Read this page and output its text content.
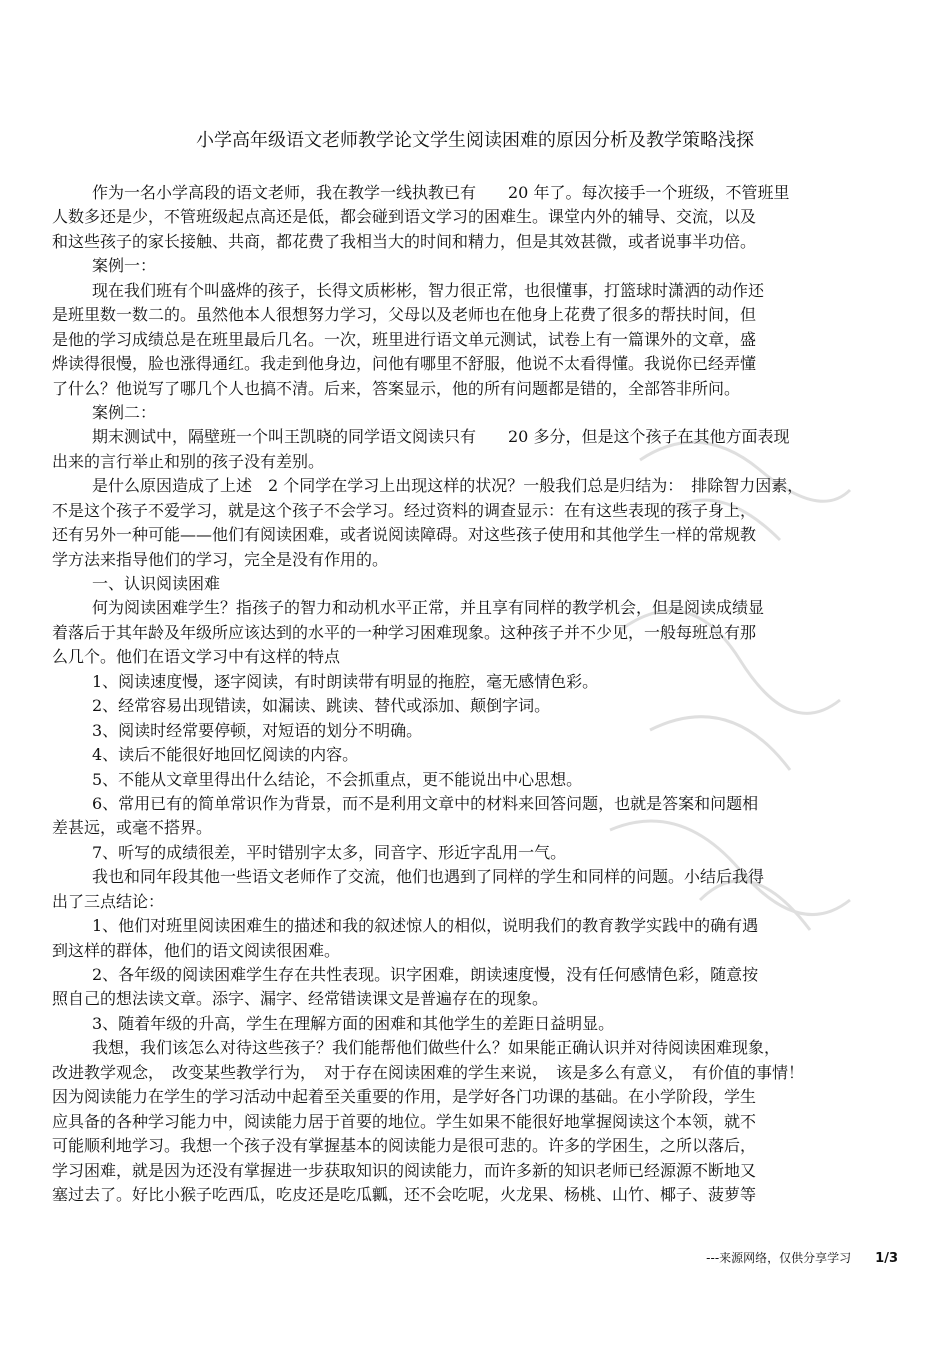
小学高年级语文老师教学论文学生阅读困难的原因分析及教学策略浅探
作为一名小学高段的语文老师，我在教学一线执教已有　　20 年了。每次接手一个班级，不管班里
人数多还是少，不管班级起点高还是低，都会碰到语文学习的困难生。课堂内外的辅导、交流，以及
和这些孩子的家长接触、共商，都花费了我相当大的时间和精力，但是其效甚微，或者说事半功倍。
案例一：
现在我们班有个叫盛烨的孩子，长得文质彬彬，智力很正常，也很懂事，打篮球时潇洒的动作还
是班里数一数二的。虽然他本人很想努力学习，父母以及老师也在他身上花费了很多的帮扶时间，但
是他的学习成绩总是在班里最后几名。一次，班里进行语文单元测试，试卷上有一篇课外的文章，盛
烨读得很慢，脸也涨得通红。我走到他身边，问他有哪里不舒服，他说不太看得懂。我说你已经弄懂
了什么？他说写了哪几个人也搞不清。后来，答案显示，他的所有问题都是错的，全部答非所问。
案例二：
期末测试中，隔壁班一个叫王凯晓的同学语文阅读只有　　20 多分，但是这个孩子在其他方面表现
出来的言行举止和别的孩子没有差别。
是什么原因造成了上述　2 个同学在学习上出现这样的状况？一般我们总是归结为：　排除智力因素，
不是这个孩子不爱学习，就是这个孩子不会学习。经过资料的调查显示：在有这些表现的孩子身上，
还有另外一种可能——他们有阅读困难，或者说阅读障碍。对这些孩子使用和其他学生一样的常规教
学方法来指导他们的学习，完全是没有作用的。
一、认识阅读困难
何为阅读困难学生？指孩子的智力和动机水平正常，并且享有同样的教学机会，但是阅读成绩显
着落后于其年龄及年级所应该达到的水平的一种学习困难现象。这种孩子并不少见，一般每班总有那
么几个。他们在语文学习中有这样的特点
1、阅读速度慢，逐字阅读，有时朗读带有明显的拖腔，毫无感情色彩。
2、经常容易出现错读，如漏读、跳读、替代或添加、颠倒字词。
3、阅读时经常要停顿，对短语的划分不明确。
4、读后不能很好地回忆阅读的内容。
5、不能从文章里得出什么结论，不会抓重点，更不能说出中心思想。
6、常用已有的简单常识作为背景，而不是利用文章中的材料来回答问题，也就是答案和问题相
差甚远，或毫不搭界。
7、听写的成绩很差，平时错别字太多，同音字、形近字乱用一气。
我也和同年段其他一些语文老师作了交流，他们也遇到了同样的学生和同样的问题。小结后我得
出了三点结论：
1、他们对班里阅读困难生的描述和我的叙述惊人的相似，说明我们的教育教学实践中的确有遇
到这样的群体，他们的语文阅读很困难。
2、各年级的阅读困难学生存在共性表现。识字困难，朗读速度慢，没有任何感情色彩，随意按
照自己的想法读文章。添字、漏字、经常错读课文是普遍存在的现象。
3、随着年级的升高，学生在理解方面的困难和其他学生的差距日益明显。
我想，我们该怎么对待这些孩子？我们能帮他们做些什么？如果能正确认识并对待阅读困难现象，
改进教学观念，　改变某些教学行为，　对于存在阅读困难的学生来说，　该是多么有意义，　有价值的事情！
因为阅读能力在学生的学习活动中起着至关重要的作用，是学好各门功课的基础。在小学阶段，学生
应具备的各种学习能力中，阅读能力居于首要的地位。学生如果不能很好地掌握阅读这个本领，就不
可能顺利地学习。我想一个孩子没有掌握基本的阅读能力是很可悲的。许多的学困生，之所以落后，
学习困难，就是因为还没有掌握进一步获取知识的阅读能力，而许多新的知识老师已经源源不断地又
塞过去了。好比小猴子吃西瓜，吃皮还是吃瓜瓤，还不会吃呢，火龙果、杨桃、山竹、椰子、菠萝等
---来源网络，仅供分享学习 1/3
